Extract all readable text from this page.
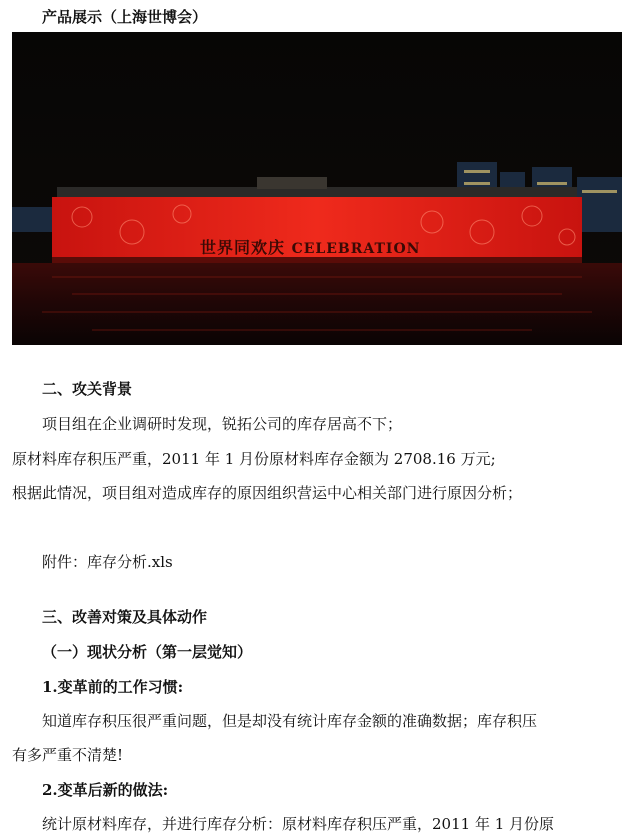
产品展示（上海世博会）
世界同欢庆 CELEBRATION
二、攻关背景
项目组在企业调研时发现，锐拓公司的库存居高不下；
原材料库存积压严重，2011 年 1 月份原材料库存金额为 2708.16 万元;
根据此情况，项目组对造成库存的原因组织营运中心相关部门进行原因分析；
附件：库存分析.xls
三、改善对策及具体动作
（一）现状分析（第一层觉知）
1.变革前的工作习惯:
知道库存积压很严重问题，但是却没有统计库存金额的准确数据；库存积压
有多严重不清楚!
2.变革后新的做法:
统计原材料库存，并进行库存分析：原材料库存积压严重，2011 年 1 月份原
